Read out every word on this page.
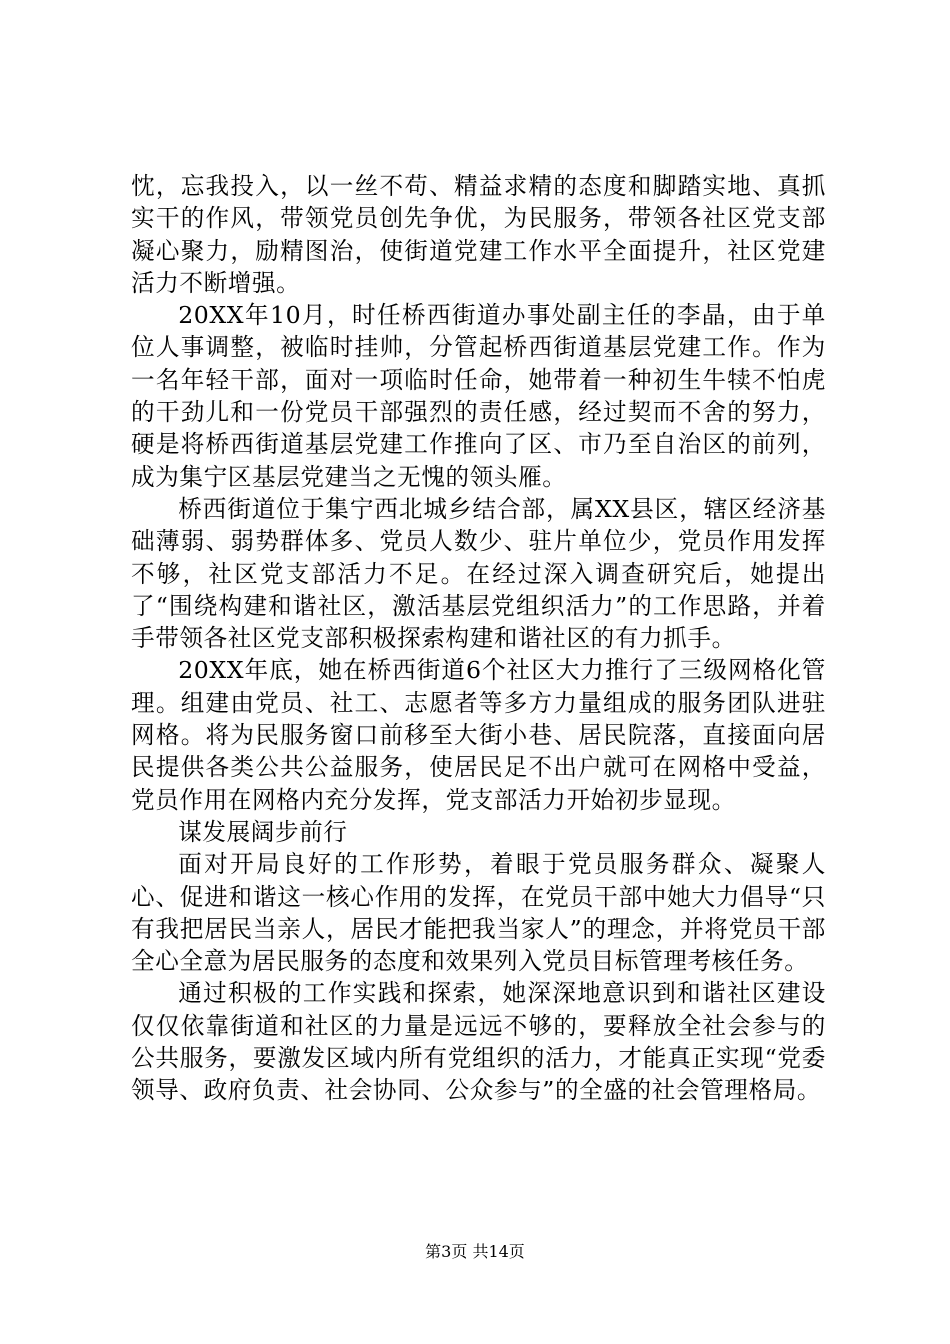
忱，忘我投入，以一丝不苟、精益求精的态度和脚踏实地、真抓实干的作风，带领党员创先争优，为民服务，带领各社区党支部凝心聚力，励精图治，使街道党建工作水平全面提升，社区党建活力不断增强。

20XX年10月，时任桥西街道办事处副主任的李晶，由于单位人事调整，被临时挂帅，分管起桥西街道基层党建工作。作为一名年轻干部，面对一项临时任命，她带着一种初生牛犊不怕虎的干劲儿和一份党员干部强烈的责任感，经过契而不舍的努力，硬是将桥西街道基层党建工作推向了区、市乃至自治区的前列，成为集宁区基层党建当之无愧的领头雁。

桥西街道位于集宁西北城乡结合部，属XX县区，辖区经济基础薄弱、弱势群体多、党员人数少、驻片单位少，党员作用发挥不够，社区党支部活力不足。在经过深入调查研究后，她提出了“围绕构建和谐社区，激活基层党组织活力”的工作思路，并着手带领各社区党支部积极探索构建和谐社区的有力抓手。

20XX年底，她在桥西街道6个社区大力推行了三级网格化管理。组建由党员、社工、志愿者等多方力量组成的服务团队进驻网格。将为民服务窗口前移至大街小巷、居民院落，直接面向居民提供各类公共公益服务，使居民足不出户就可在网格中受益，党员作用在网格内充分发挥，党支部活力开始初步显现。

谋发展阔步前行

面对开局良好的工作形势，着眼于党员服务群众、凝聚人心、促进和谐这一核心作用的发挥，在党员干部中她大力倡导“只有我把居民当亲人，居民才能把我当家人”的理念，并将党员干部全心全意为居民服务的态度和效果列入党员目标管理考核任务。

通过积极的工作实践和探索，她深深地意识到和谐社区建设仅仅依靠街道和社区的力量是远远不够的，要释放全社会参与的公共服务，要激发区域内所有党组织的活力，才能真正实现“党委领导、政府负责、社会协同、公众参与”的全盛的社会管理格局。

第3页 共14页
